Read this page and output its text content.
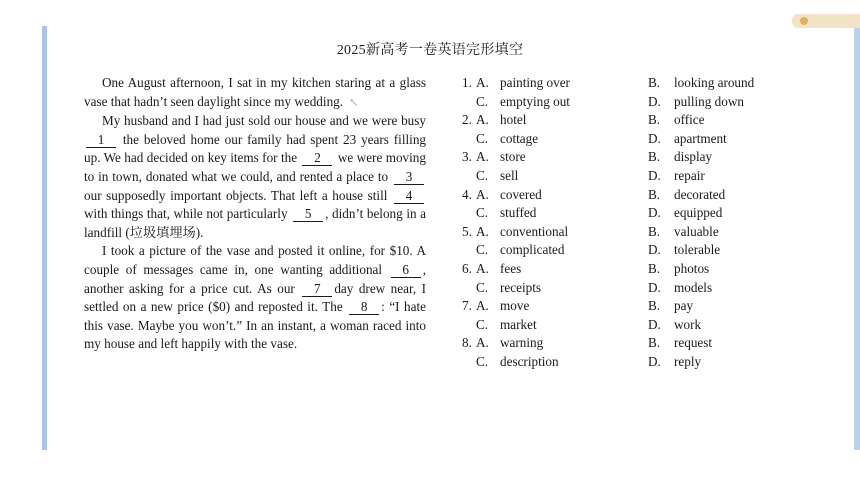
2025新高考一卷英语完形填空

One August afternoon, I sat in my kitchen staring at a glass vase that hadn’t seen daylight since my wedding. ↖

My husband and I had just sold our house and we were busy 1 the beloved home our family had spent 23 years filling up. We had decided on key items for the 2 we were moving to in town, donated what we could, and rented a place to 3our supposedly important objects. That left a house still 4 with things that, while not particularly 5 , didn’t belong in a landfill (垃圾填埋场).

I took a picture of the vase and posted it online, for $10. A couple of messages came in, one wanting additional 6 , another asking for a price cut. As our 7 day drew near, I settled on a new price ($0) and reposted it. The 8 : “I hate this vase. Maybe you won’t.” In an instant, a woman raced into my house and left happily with the vase.

1. A. painting over	B. looking around
C. emptying out	D. pulling down
2. A. hotel	B. office
C. cottage	D. apartment
3. A. store	B. display
C. sell	D. repair
4. A. covered	B. decorated
C. stuffed	D. equipped
5. A. conventional	B. valuable
C. complicated	D. tolerable
6. A. fees	B. photos
C. receipts	D. models
7. A. move	B. pay
C. market	D. work
8. A. warning	B. request
C. description	D. reply
